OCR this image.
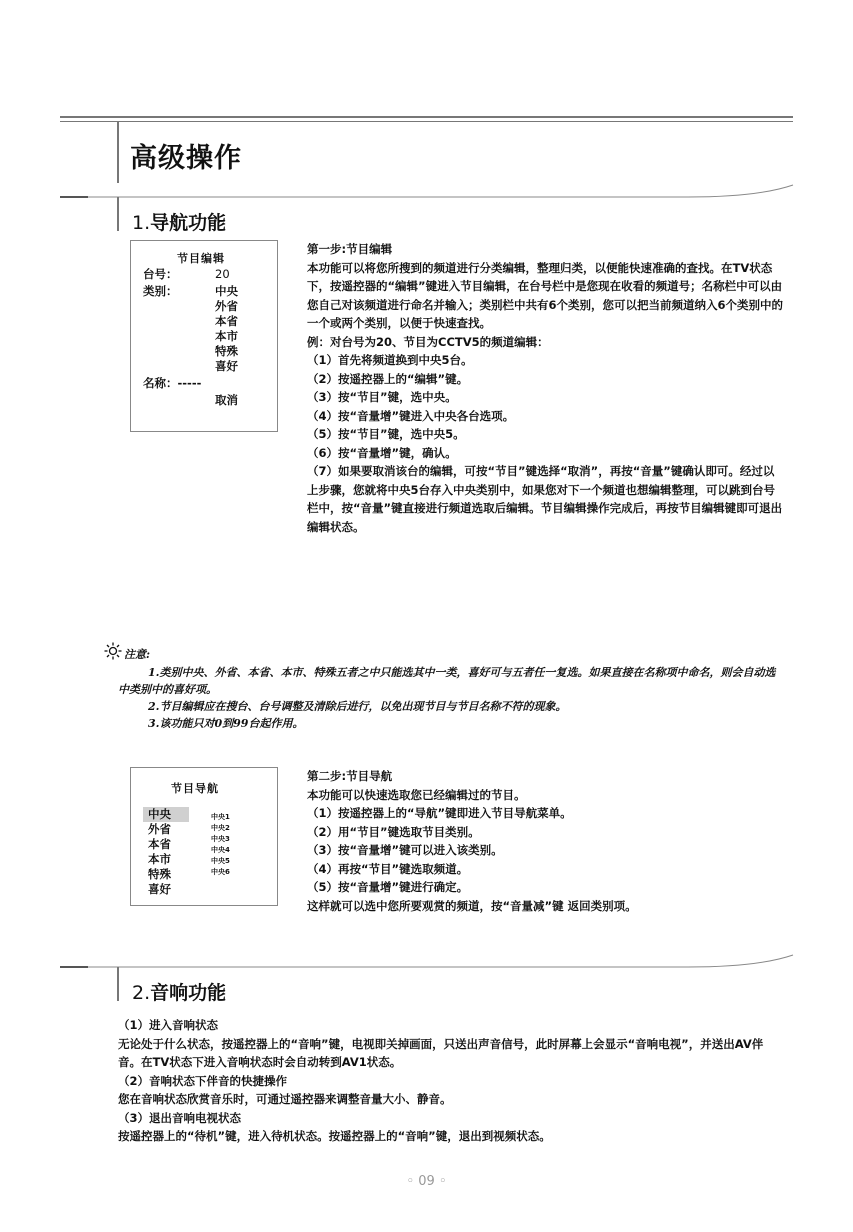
高级操作
1.导航功能
节目编辑
台号：	20
类别：	中央
外省
本省
本市
特殊
喜好
名称：-----
取消

第一步:节目编辑

本功能可以将您所搜到的频道进行分类编辑，整理归类，以便能快速准确的查找。在TV状态下，按遥控器的“编辑”键进入节目编辑，在台号栏中是您现在收看的频道号；名称栏中可以由您自己对该频道进行命名并输入；类别栏中共有6个类别，您可以把当前频道纳入6个类别中的一个或两个类别，以便于快速查找。

例：对台号为20、节目为CCTV5的频道编辑：

（1）首先将频道换到中央5台。

（2）按遥控器上的“编辑”键。

（3）按“节目”键，选中央。

（4）按“音量增”键进入中央各台选项。

（5）按“节目”键，选中央5。

（6）按“音量增”键，确认。

（7）如果要取消该台的编辑，可按“节目”键选择“取消”，再按“音量”键确认即可。经过以上步骤，您就将中央5台存入中央类别中，如果您对下一个频道也想编辑整理，可以跳到台号栏中，按“音量”键直接进行频道选取后编辑。节目编辑操作完成后，再按节目编辑键即可退出编辑状态。

注意:

1.类别中央、外省、本省、本市、特殊五者之中只能选其中一类，喜好可与五者任一复选。如果直接在名称项中命名，则会自动选中类别中的喜好项。

2.节目编辑应在搜台、台号调整及清除后进行，以免出现节目与节目名称不符的现象。

3.该功能只对0到99台起作用。

节目导航
中央
外省
本省
本市
特殊
喜好
中央1
中央2
中央3
中央4
中央5
中央6

第二步:节目导航

本功能可以快速选取您已经编辑过的节目。

（1）按遥控器上的“导航”键即进入节目导航菜单。

（2）用“节目”键选取节目类别。

（3）按“音量增”键可以进入该类别。

（4）再按“节目”键选取频道。

（5）按“音量增”键进行确定。

这样就可以选中您所要观赏的频道，按“音量减”键 返回类别项。

2.音响功能

（1）进入音响状态

无论处于什么状态，按遥控器上的“音响”键，电视即关掉画面，只送出声音信号，此时屏幕上会显示“音响电视”，并送出AV伴音。在TV状态下进入音响状态时会自动转到AV1状态。

（2）音响状态下伴音的快捷操作

您在音响状态欣赏音乐时，可通过遥控器来调整音量大小、静音。

（3）退出音响电视状态

按遥控器上的“待机”键，进入待机状态。按遥控器上的“音响”键，退出到视频状态。

◦ 09 ◦
